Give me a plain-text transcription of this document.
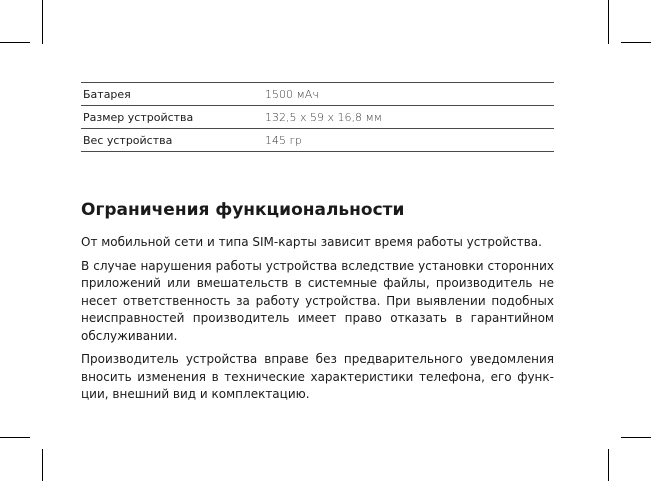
Батарея	1500 мАч
Размер устройства	132,5 x 59 x 16,8 мм
Вес устройства	145 гр
Ограничения функциональности

От мобильной сети и типа SIM-карты зависит время работы устройства.

В случае нарушения работы устройства вследствие установки сторонних приложений или вмешательств в системные файлы, производитель не несет ответственность за работу устройства. При выявлении подобных неисправностей производитель имеет право отказать в гарантийном обслуживании.

Производитель устройства вправе без предварительного уведомления вносить изменения в технические характеристики телефона, его функции, внешний вид и комплектацию.
